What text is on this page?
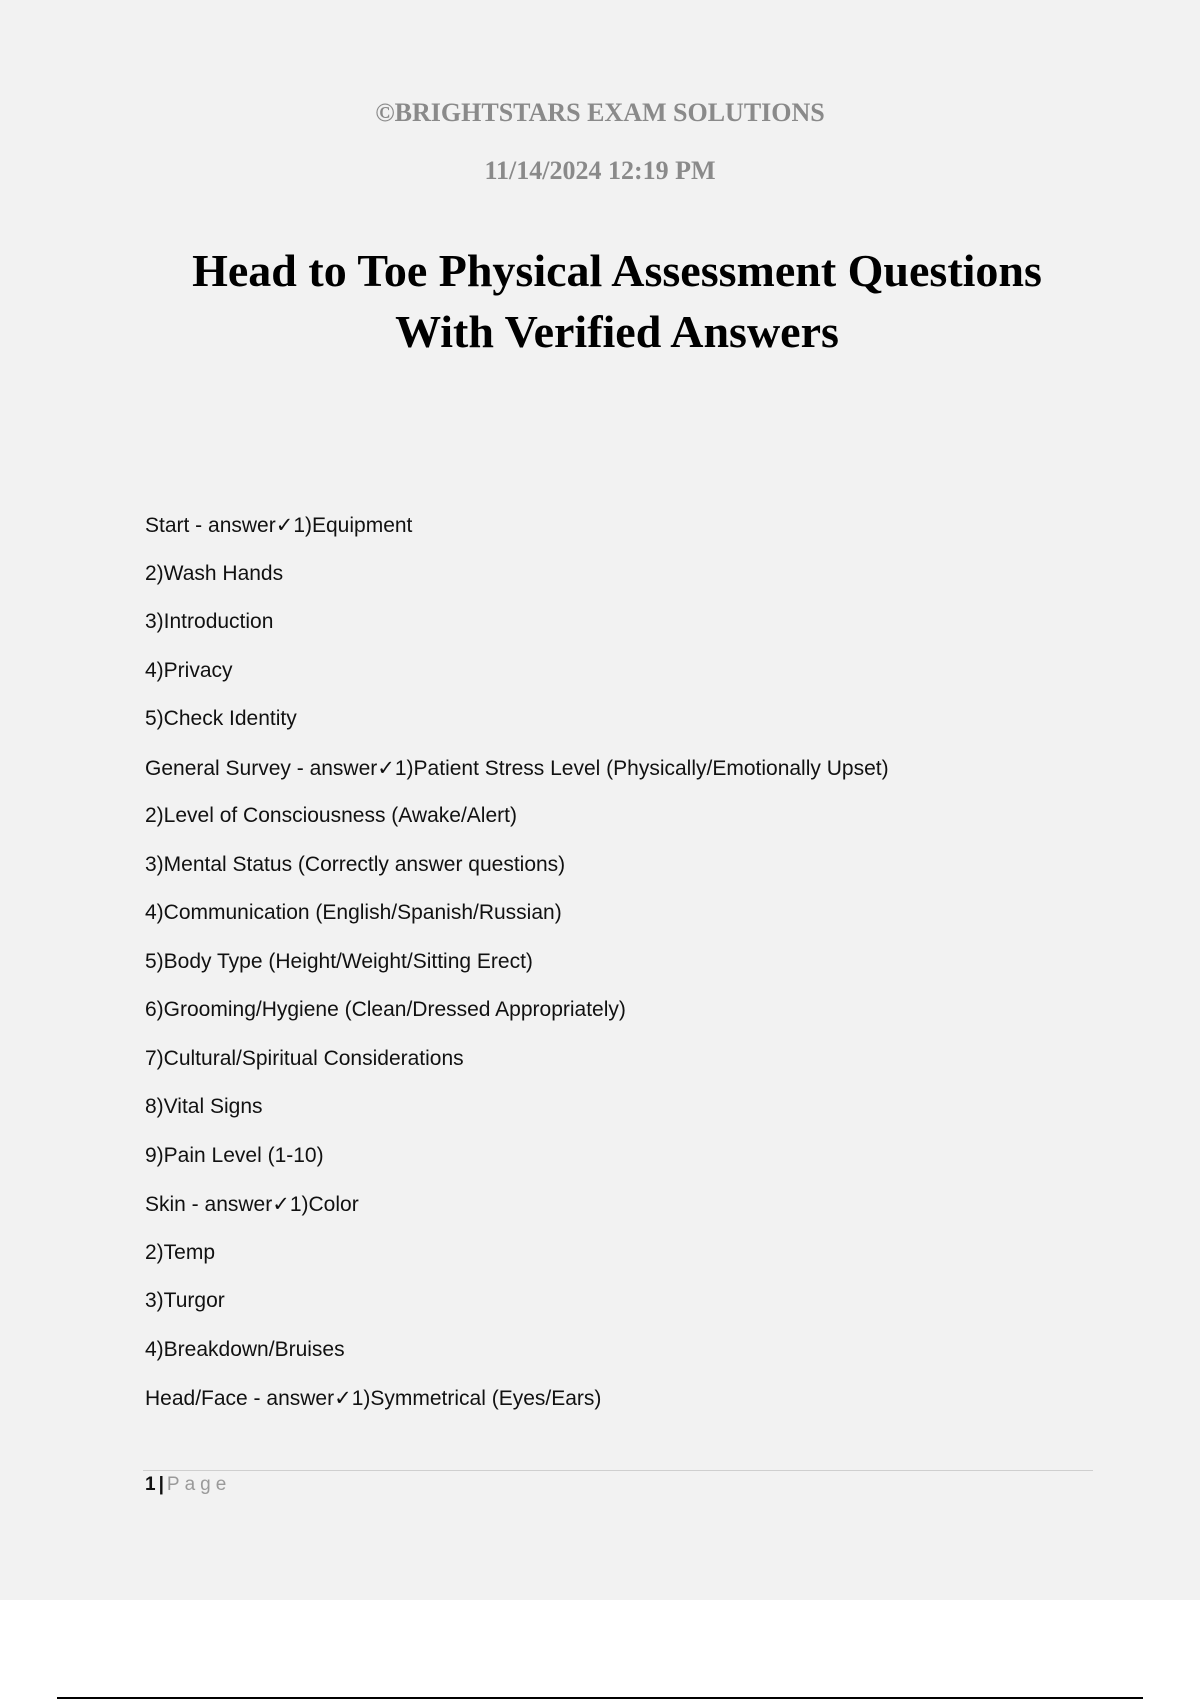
©BRIGHTSTARS EXAM SOLUTIONS

11/14/2024 12:19 PM

Head to Toe Physical Assessment Questions
With Verified Answers
Start - answer✓1)Equipment
2)Wash Hands
3)Introduction
4)Privacy
5)Check Identity
General Survey - answer✓1)Patient Stress Level (Physically/Emotionally Upset)
2)Level of Consciousness (Awake/Alert)
3)Mental Status (Correctly answer questions)
4)Communication (English/Spanish/Russian)
5)Body Type (Height/Weight/Sitting Erect)
6)Grooming/Hygiene (Clean/Dressed Appropriately)
7)Cultural/Spiritual Considerations
8)Vital Signs
9)Pain Level (1-10)
Skin - answer✓1)Color
2)Temp
3)Turgor
4)Breakdown/Bruises
Head/Face - answer✓1)Symmetrical (Eyes/Ears)
1 | Page
